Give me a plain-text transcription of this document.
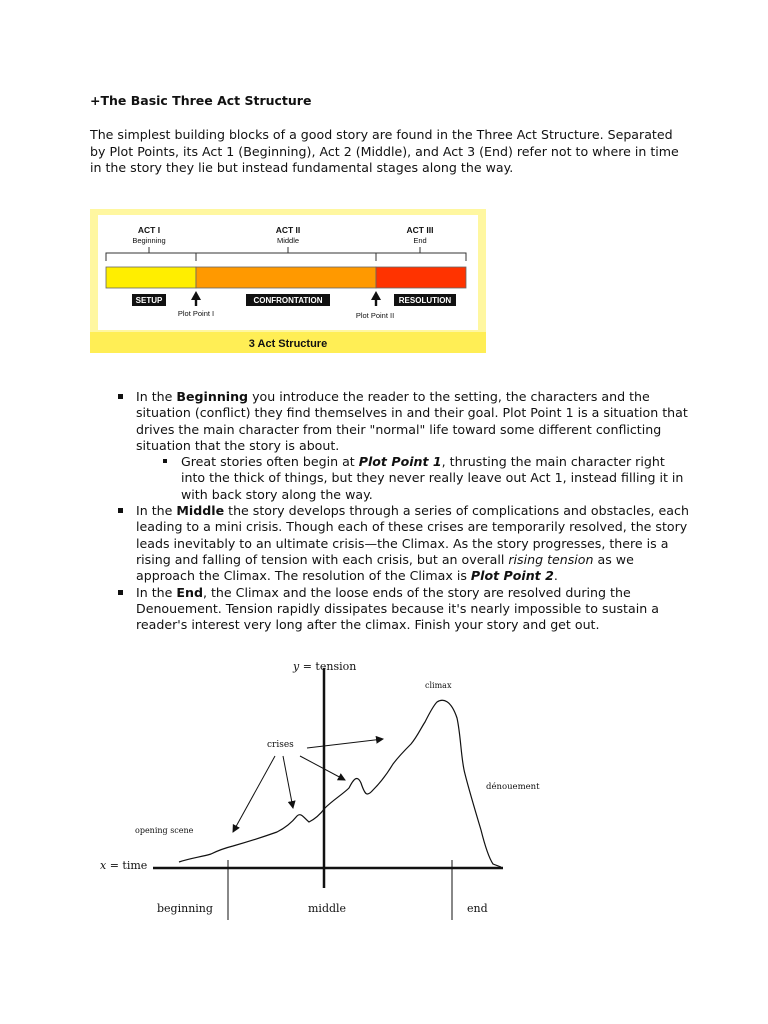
+The Basic Three Act Structure

The simplest building blocks of a good story are found in the Three Act Structure. Separated by Plot Points, its Act 1 (Beginning), Act 2 (Middle), and Act 3 (End) refer not to where in time in the story they lie but instead fundamental stages along the way.

ACT I
Beginning
ACT II
Middle
ACT III
End
SETUP	CONFRONTATION	RESOLUTION
Plot Point I	Plot Point II
3 Act Structure

In the Beginning you introduce the reader to the setting, the characters and the situation (conflict) they find themselves in and their goal. Plot Point 1 is a situation that drives the main character from their "normal" life toward some different conflicting situation that the story is about.

Great stories often begin at Plot Point 1, thrusting the main character right into the thick of things, but they never really leave out Act 1, instead filling it in with back story along the way.

In the Middle the story develops through a series of complications and obstacles, each leading to a mini crisis. Though each of these crises are temporarily resolved, the story leads inevitably to an ultimate crisis—the Climax. As the story progresses, there is a rising and falling of tension with each crisis, but an overall rising tension as we approach the Climax. The resolution of the Climax is Plot Point 2.

In the End, the Climax and the loose ends of the story are resolved during the Denouement. Tension rapidly dissipates because it's nearly impossible to sustain a reader's interest very long after the climax. Finish your story and get out.

y = tension
x = time
climax
crises
dénouement
opening scene
beginning	middle	end
